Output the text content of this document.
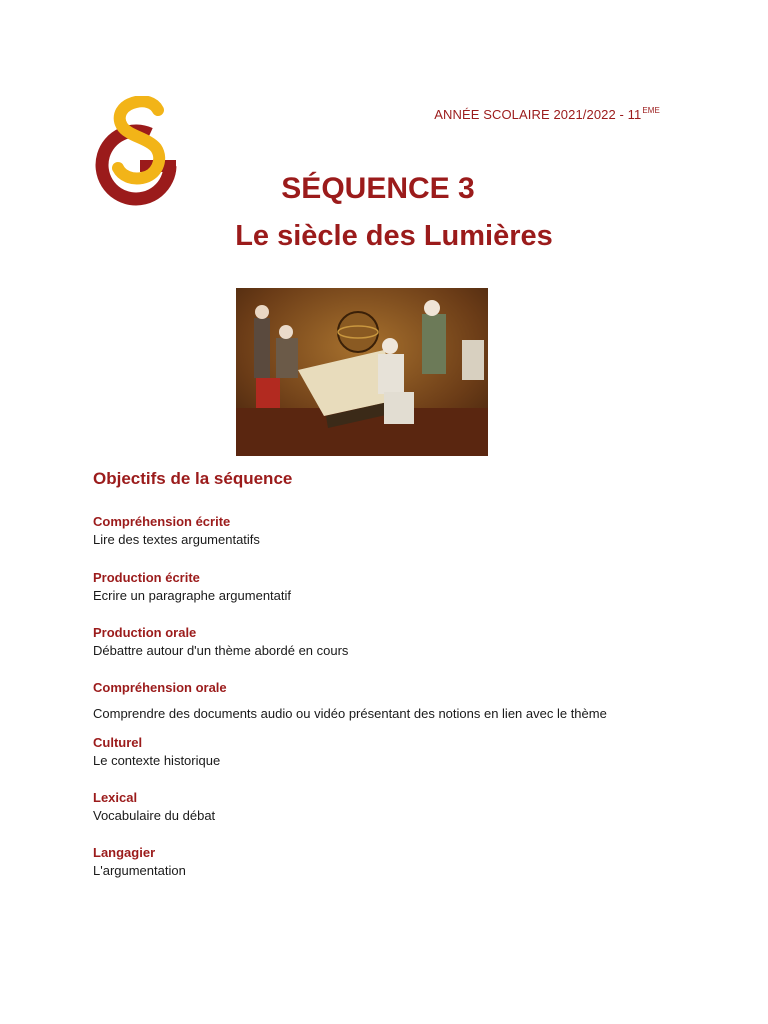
ANNÉE SCOLAIRE 2021/2022 - 11EME
SÉQUENCE 3
Le siècle des Lumières
Objectifs de la séquence
Compréhension écrite
Lire des textes argumentatifs
Production écrite
Ecrire un paragraphe argumentatif
Production orale
Débattre autour d'un thème abordé en cours
Compréhension orale
Comprendre des documents audio ou vidéo présentant des notions en lien avec le thème
Culturel
Le contexte historique
Lexical
Vocabulaire du débat
Langagier
L'argumentation
